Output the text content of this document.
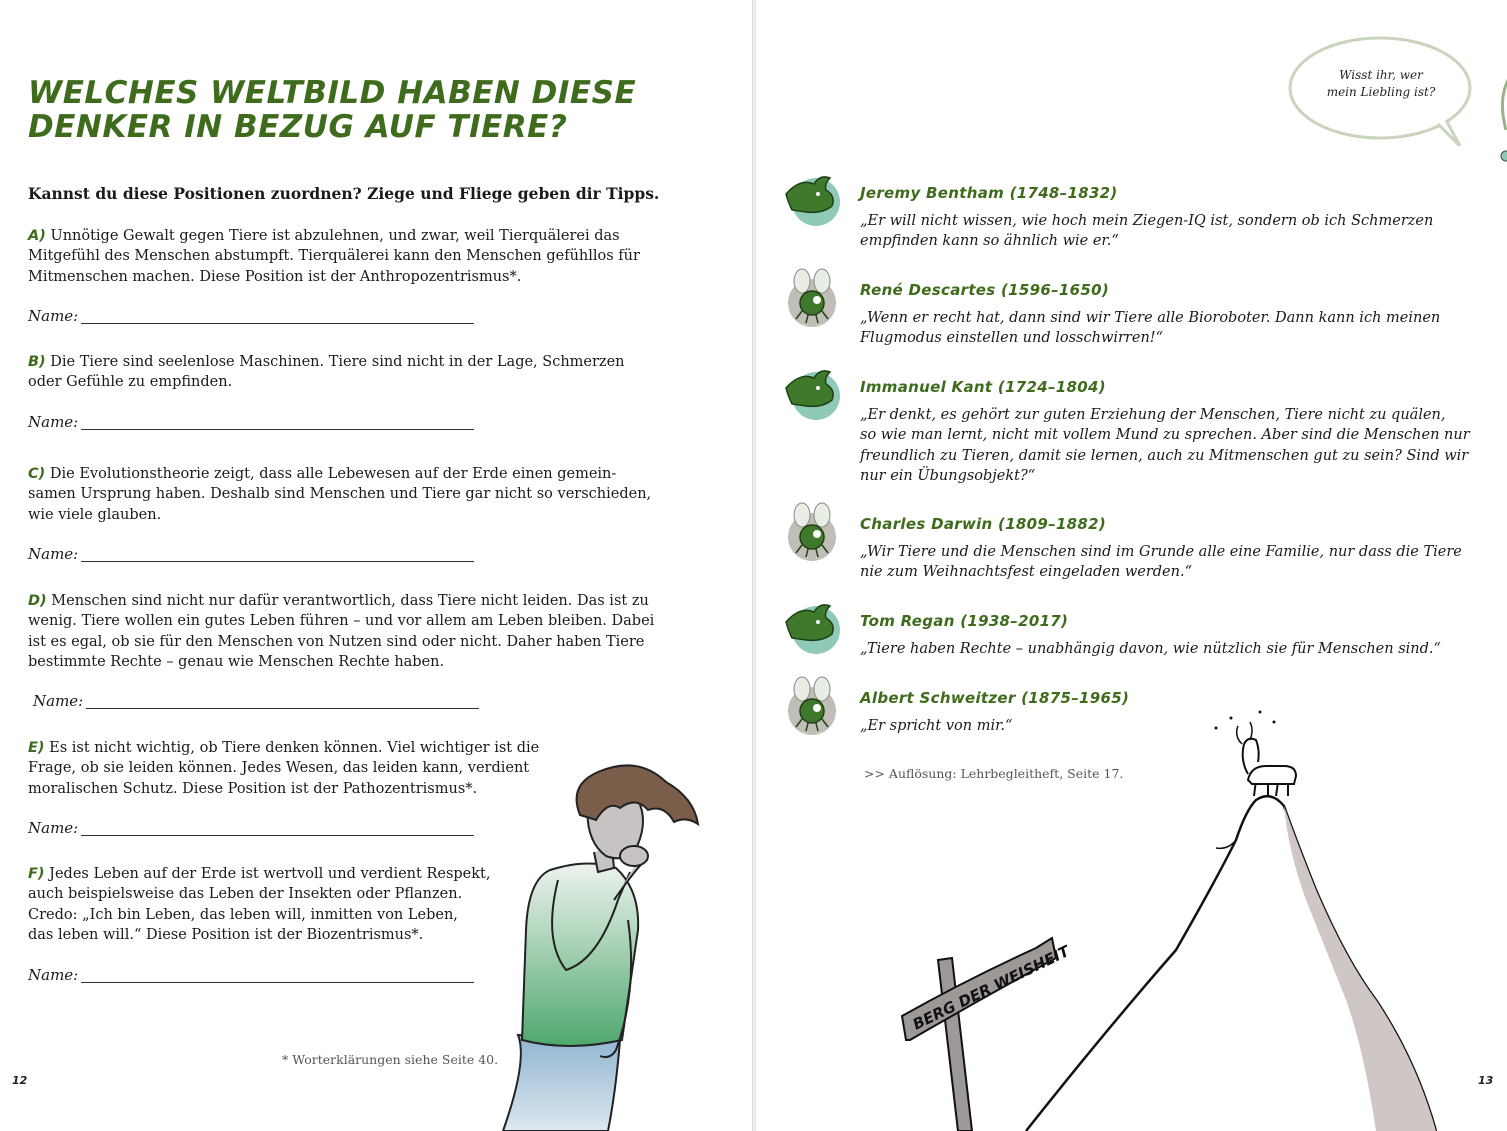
WELCHES WELTBILD HABEN DIESE
DENKER IN BEZUG AUF TIERE?

Kannst du diese Positionen zuordnen? Ziege und Fliege geben dir Tipps.

A) Unnötige Gewalt gegen Tiere ist abzulehnen, und zwar, weil Tierquälerei das
Mitgefühl des Menschen abstumpft. Tierquälerei kann den Menschen gefühllos für
Mitmenschen machen. Diese Position ist der Anthropozentrismus*.

Name:

B) Die Tiere sind seelenlose Maschinen. Tiere sind nicht in der Lage, Schmerzen
oder Gefühle zu empfinden.

Name:

C) Die Evolutionstheorie zeigt, dass alle Lebewesen auf der Erde einen gemein-
samen Ursprung haben. Deshalb sind Menschen und Tiere gar nicht so verschieden,
wie viele glauben.

Name:

D) Menschen sind nicht nur dafür verantwortlich, dass Tiere nicht leiden. Das ist zu
wenig. Tiere wollen ein gutes Leben führen – und vor allem am Leben bleiben. Dabei
ist es egal, ob sie für den Menschen von Nutzen sind oder nicht. Daher haben Tiere
bestimmte Rechte – genau wie Menschen Rechte haben.

Name:

E) Es ist nicht wichtig, ob Tiere denken können. Viel wichtiger ist die
Frage, ob sie leiden können. Jedes Wesen, das leiden kann, verdient
moralischen Schutz. Diese Position ist der Pathozentrismus*.

Name:

F) Jedes Leben auf der Erde ist wertvoll und verdient Respekt,
auch beispielsweise das Leben der Insekten oder Pflanzen.
Credo: „Ich bin Leben, das leben will, inmitten von Leben,
das leben will.“ Diese Position ist der Biozentrismus*.

Name:
* Worterklärungen siehe Seite 40.
12
Wisst ihr, wer
mein Liebling ist?

Jeremy Bentham (1748–1832)

„Er will nicht wissen, wie hoch mein Ziegen-IQ ist, sondern ob ich Schmerzen
empfinden kann so ähnlich wie er.“

René Descartes (1596–1650)

„Wenn er recht hat, dann sind wir Tiere alle Bioroboter. Dann kann ich meinen
Flugmodus einstellen und losschwirren!“

Immanuel Kant (1724–1804)

„Er denkt, es gehört zur guten Erziehung der Menschen, Tiere nicht zu quälen,
so wie man lernt, nicht mit vollem Mund zu sprechen. Aber sind die Menschen nur
freundlich zu Tieren, damit sie lernen, auch zu Mitmenschen gut zu sein? Sind wir
nur ein Übungsobjekt?“

Charles Darwin (1809–1882)

„Wir Tiere und die Menschen sind im Grunde alle eine Familie, nur dass die Tiere
nie zum Weihnachtsfest eingeladen werden.“

Tom Regan (1938–2017)

„Tiere haben Rechte – unabhängig davon, wie nützlich sie für Menschen sind.“

Albert Schweitzer (1875–1965)

„Er spricht von mir.“

>> Auflösung: Lehrbegleitheft, Seite 17.
BERG DER WEISHEIT
13
